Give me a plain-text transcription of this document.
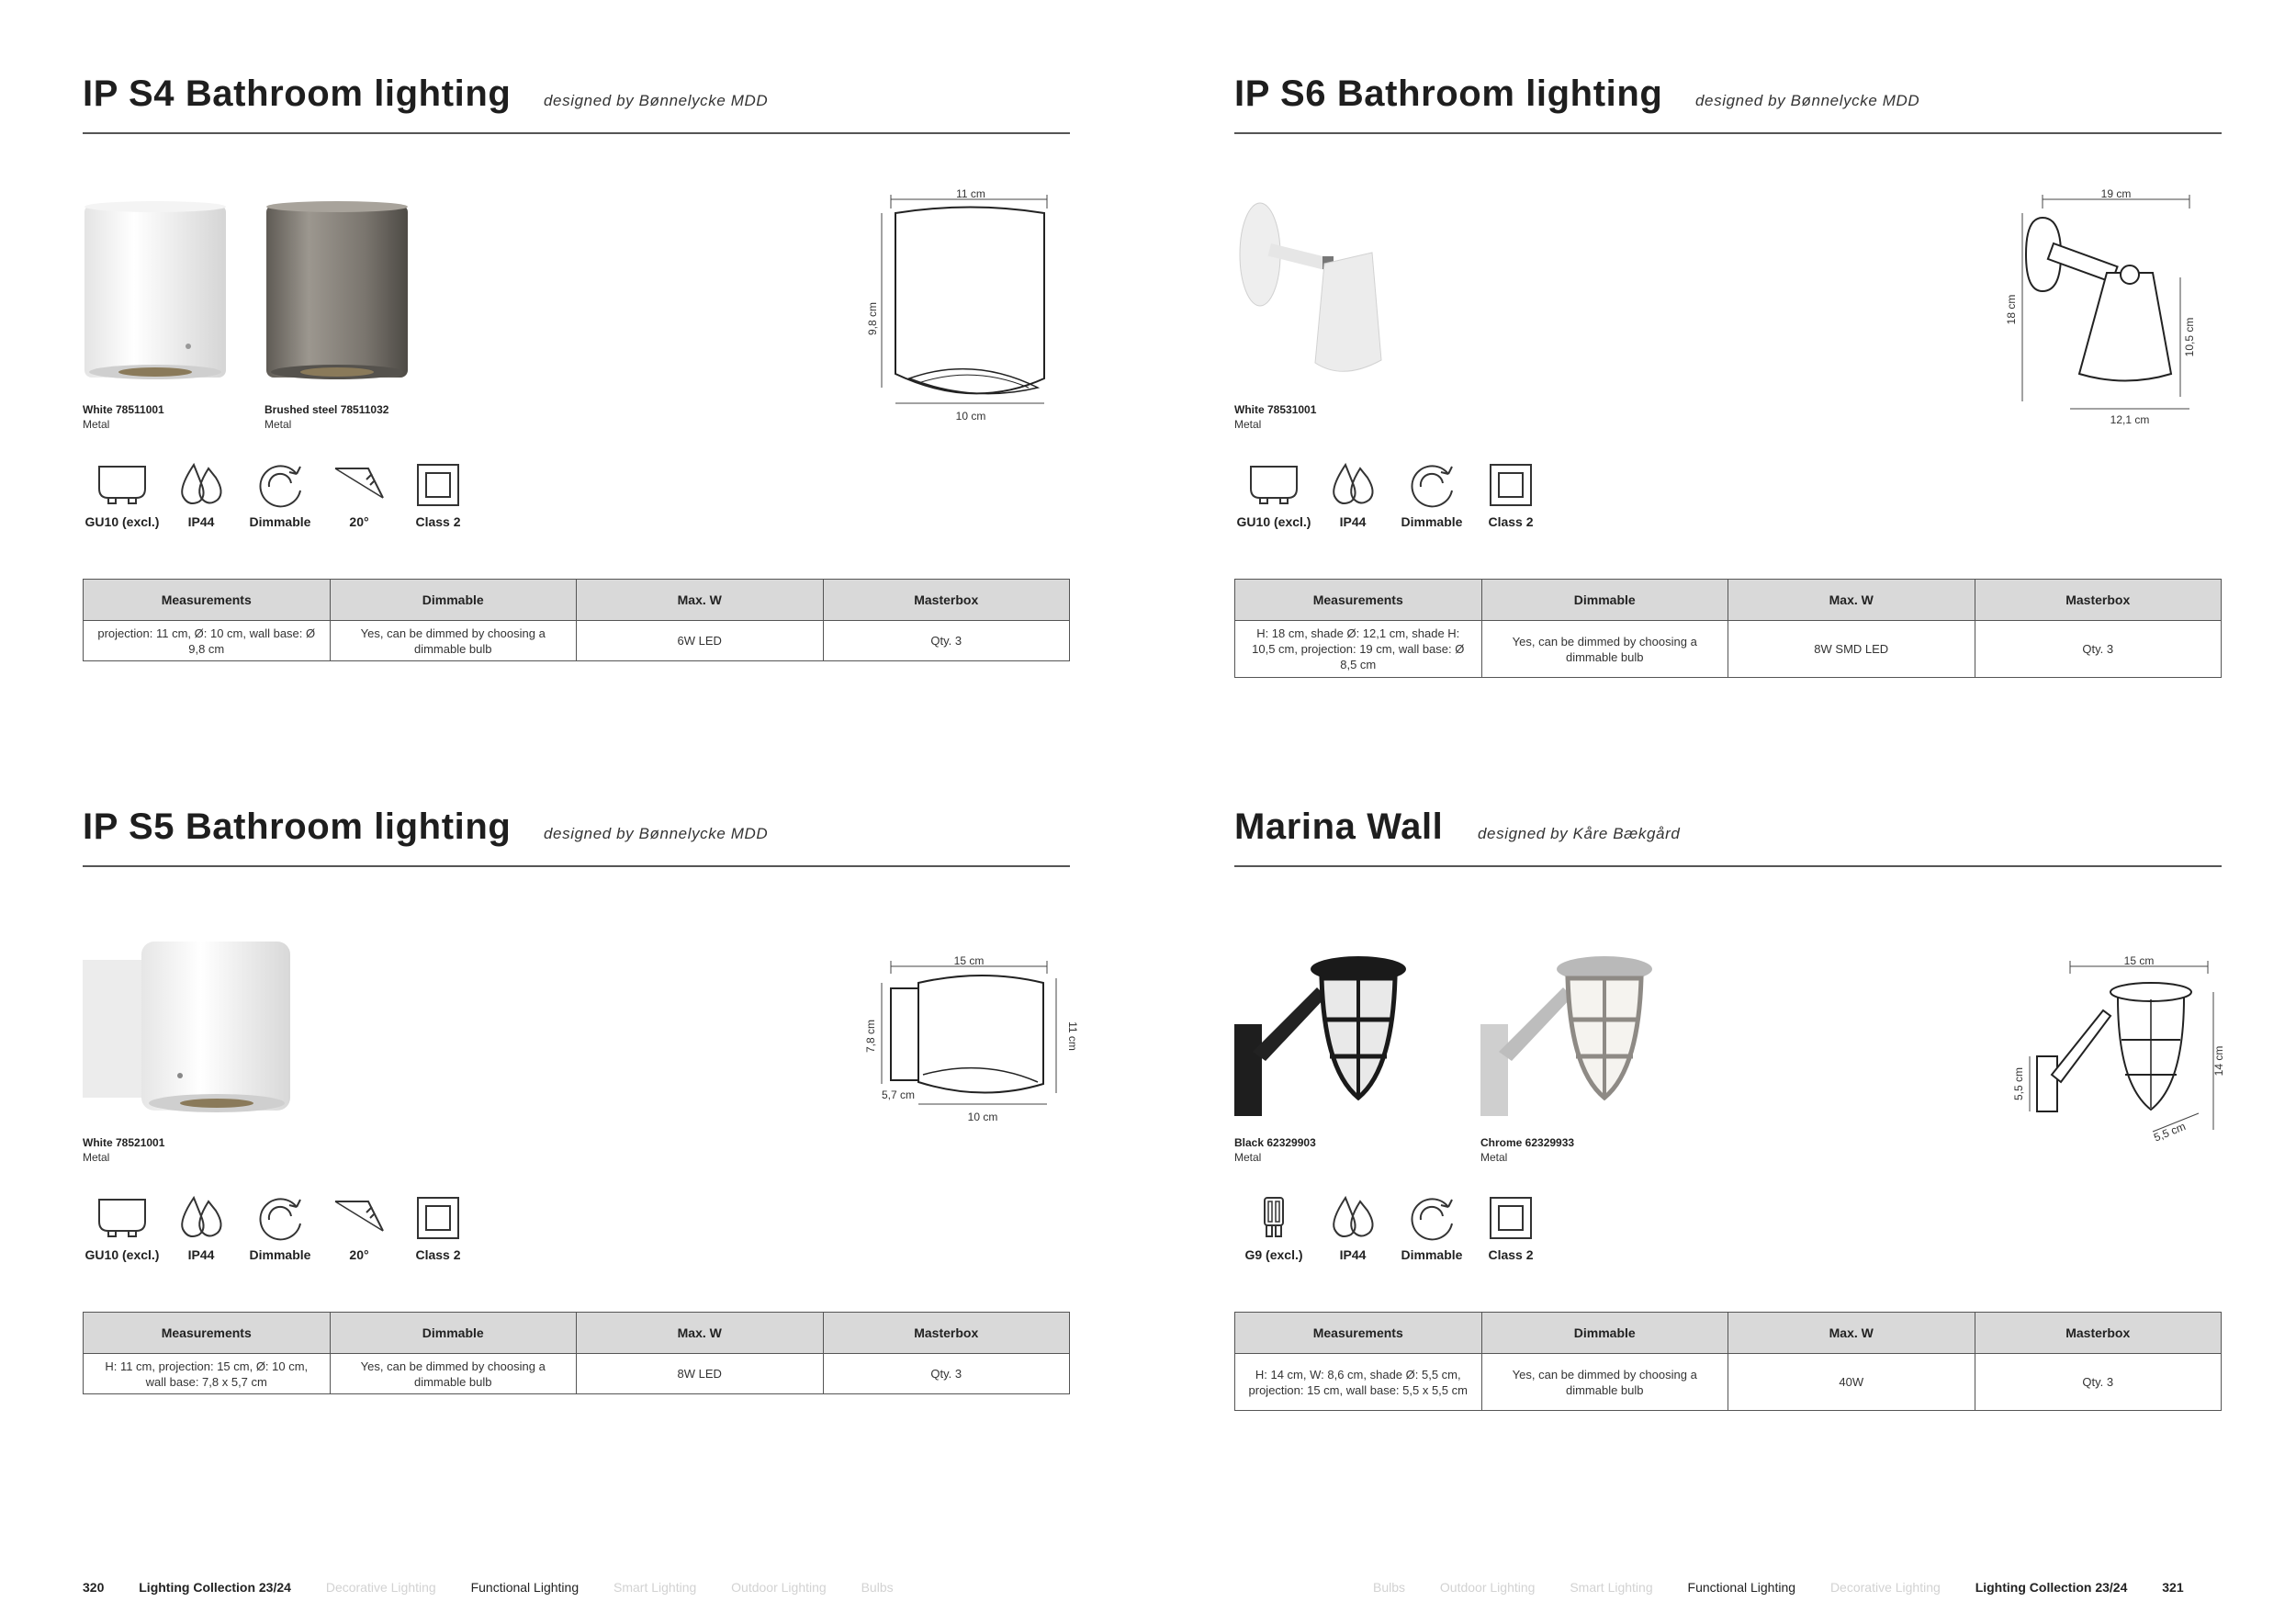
IP S4 Bathroom lighting designed by Bønnelycke MDD
White 78511001
Metal
Brushed steel 78511032
Metal
11 cm
9,8 cm
10 cm
GU10 (excl.)	IP44	Dimmable	20°	Class 2
Measurements	Dimmable	Max. W	Masterbox
projection: 11 cm, Ø: 10 cm, wall base: Ø 9,8 cm	Yes, can be dimmed by choosing a dimmable bulb	6W LED	Qty. 3
IP S6 Bathroom lighting designed by Bønnelycke MDD
White 78531001
Metal
19 cm
18 cm
10,5 cm
12,1 cm
GU10 (excl.)	IP44	Dimmable	Class 2
Measurements	Dimmable	Max. W	Masterbox
H: 18 cm, shade Ø: 12,1 cm, shade H: 10,5 cm, projection: 19 cm, wall base: Ø 8,5 cm	Yes, can be dimmed by choosing a dimmable bulb	8W SMD LED	Qty. 3
IP S5 Bathroom lighting designed by Bønnelycke MDD
White 78521001
Metal
15 cm
7,8 cm	11 cm
5,7 cm
10 cm
GU10 (excl.)	IP44	Dimmable	20°	Class 2
Measurements	Dimmable	Max. W	Masterbox
H: 11 cm, projection: 15 cm, Ø: 10 cm, wall base: 7,8 x 5,7 cm	Yes, can be dimmed by choosing a dimmable bulb	8W LED	Qty. 3
Marina Wall designed by Kåre Bækgård
Black 62329903
Metal
Chrome 62329933
Metal
15 cm
5,5 cm
14 cm
5,5 cm
G9 (excl.)	IP44	Dimmable	Class 2
Measurements	Dimmable	Max. W	Masterbox
H: 14 cm, W: 8,6 cm, shade Ø: 5,5 cm, projection: 15 cm, wall base: 5,5 x 5,5 cm	Yes, can be dimmed by choosing a dimmable bulb	40W	Qty. 3
320	Lighting Collection 23/24	Decorative Lighting	Functional Lighting	Smart Lighting	Outdoor Lighting	Bulbs	Bulbs	Outdoor Lighting	Smart Lighting	Functional Lighting	Decorative Lighting	Lighting Collection 23/24	321
